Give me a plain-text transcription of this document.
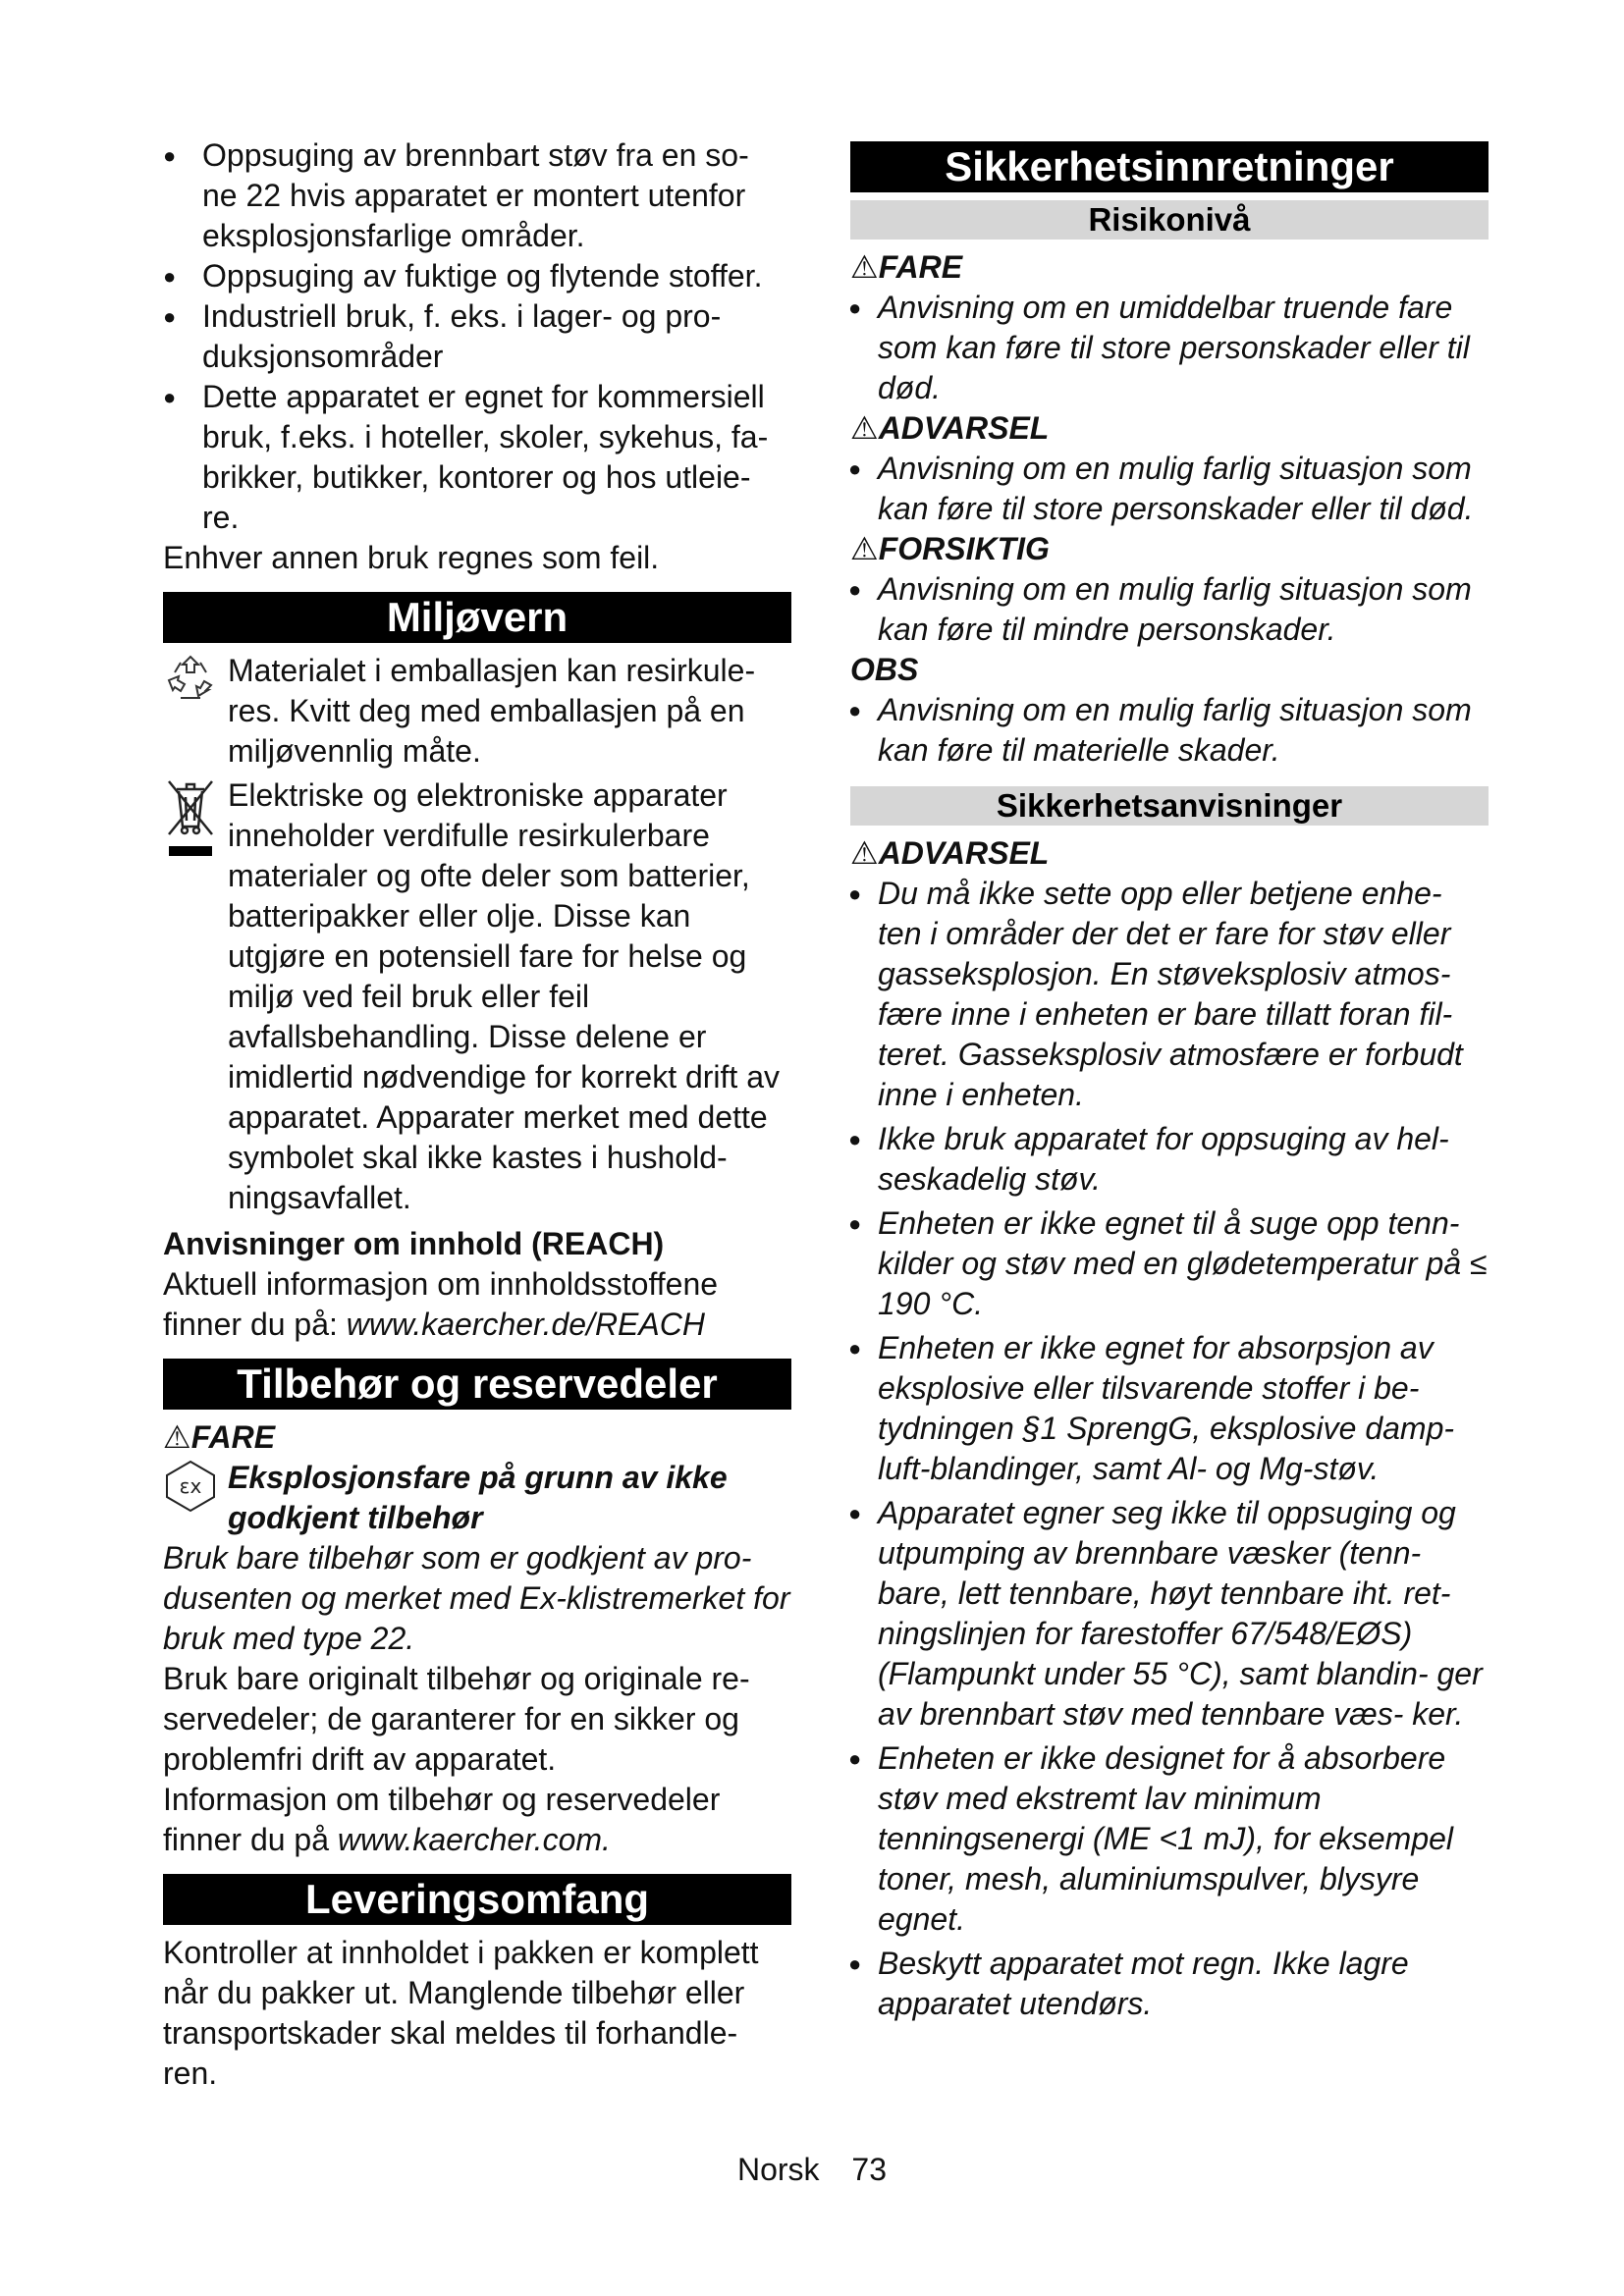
● Oppsuging av brennbart støv fra en so- ne 22 hvis apparatet er montert utenfor eksplosjonsfarlige områder.
● Oppsuging av fuktige og flytende stoffer.
● Industriell bruk, f. eks. i lager- og pro- duksjonsområder
● Dette apparatet er egnet for kommersiell bruk, f.eks. i hoteller, skoler, sykehus, fa- brikker, butikker, kontorer og hos utleie- re.
Enhver annen bruk regnes som feil.
Miljøvern
Materialet i emballasjen kan resirkule- res. Kvitt deg med emballasjen på en miljøvennlig måte.
Elektriske og elektroniske apparater inneholder verdifulle resirkulerbare materialer og ofte deler som batterier, batteripakker eller olje. Disse kan utgjøre en potensiell fare for helse og miljø ved feil bruk eller feil avfallsbehandling. Disse delene er imidlertid nødvendige for korrekt drift av apparatet. Apparater merket med dette symbolet skal ikke kastes i hushold- ningsavfallet.
Anvisninger om innhold (REACH)
Aktuell informasjon om innholdsstoffene finner du på: www.kaercher.de/REACH
Tilbehør og reservedeler
⚠FARE
εx Eksplosjonsfare på grunn av ikke godkjent tilbehør
Bruk bare tilbehør som er godkjent av pro- dusenten og merket med Ex-klistremerket for bruk med type 22.
Bruk bare originalt tilbehør og originale re- servedeler; de garanterer for en sikker og problemfri drift av apparatet.
Informasjon om tilbehør og reservedeler finner du på www.kaercher.com.
Leveringsomfang
Kontroller at innholdet i pakken er komplett når du pakker ut. Manglende tilbehør eller transportskader skal meldes til forhandle- ren.
Sikkerhetsinnretninger
Risikonivå
⚠FARE
● Anvisning om en umiddelbar truende fare som kan føre til store personskader eller til død.
⚠ADVARSEL
● Anvisning om en mulig farlig situasjon som kan føre til store personskader eller til død.
⚠FORSIKTIG
● Anvisning om en mulig farlig situasjon som kan føre til mindre personskader.
OBS
● Anvisning om en mulig farlig situasjon som kan føre til materielle skader.
Sikkerhetsanvisninger
⚠ADVARSEL
● Du må ikke sette opp eller betjene enhe- ten i områder der det er fare for støv eller gasseksplosjon. En støveksplosiv atmos- fære inne i enheten er bare tillatt foran fil- teret. Gasseksplosiv atmosfære er forbudt inne i enheten.
● Ikke bruk apparatet for oppsuging av hel- seskadelig støv.
● Enheten er ikke egnet til å suge opp tenn- kilder og støv med en glødetemperatur på ≤ 190 °C.
● Enheten er ikke egnet for absorpsjon av eksplosive eller tilsvarende stoffer i be- tydningen §1 SprengG, eksplosive damp- luft-blandinger, samt Al- og Mg-støv.
● Apparatet egner seg ikke til oppsuging og utpumping av brennbare væsker (tenn- bare, lett tennbare, høyt tennbare iht. ret- ningslinjen for farestoffer 67/548/EØS) (Flampunkt under 55 °C), samt blandin- ger av brennbart støv med tennbare væs- ker.
● Enheten er ikke designet for å absorbere støv med ekstremt lav minimum tenningsenergi (ME <1 mJ), for eksempel toner, mesh, aluminiumspulver, blysyre egnet.
● Beskytt apparatet mot regn. Ikke lagre apparatet utendørs.
Norsk 73
